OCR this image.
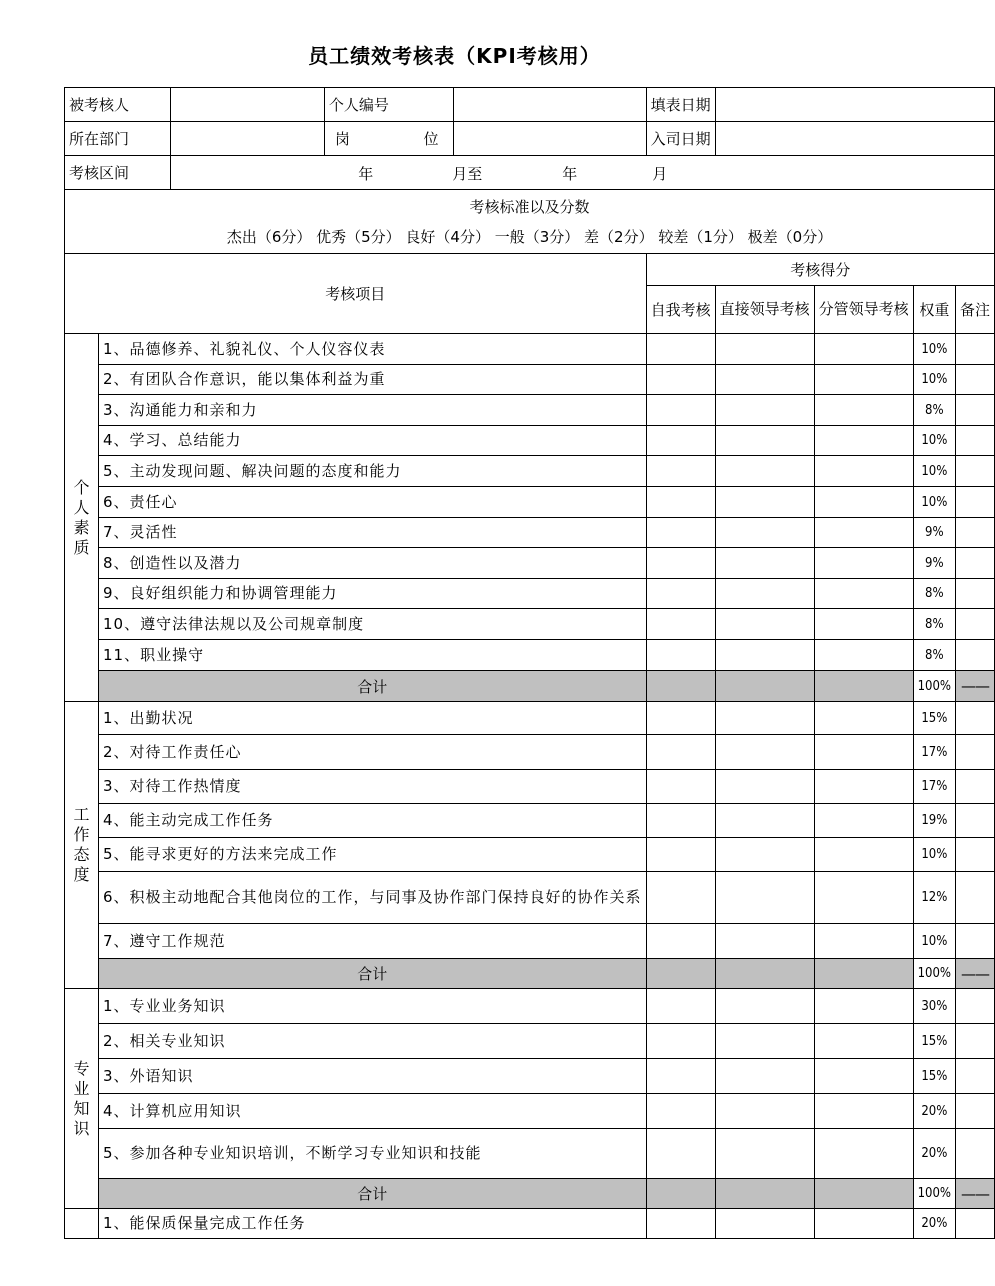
员工绩效考核表（KPI考核用）
被考核人			个人编号		填表日期				
所在部门			岗 位		入司日期				
考核区间		年 月至 年 月							

考核标准以及分数
杰出（6分） 优秀（5分） 良好（4分） 一般（3分） 差（2分） 较差（1分） 极差（0分）									

考核项目					考核得分				
					自我考核	直接领导考核	分管领导考核	权重	备注
个人素质	1、品德修养、礼貌礼仪、个人仪容仪表							10%	
	2、有团队合作意识，能以集体利益为重							10%	
	3、沟通能力和亲和力							8%	
	4、学习、总结能力							10%	
	5、主动发现问题、解决问题的态度和能力							10%	
	6、责任心							10%	
	7、灵活性							9%	
	8、创造性以及潜力							9%	
	9、良好组织能力和协调管理能力							8%	
	10、遵守法律法规以及公司规章制度							8%	
	11、职业操守							8%	
	合计							100%	——
工作态度	1、出勤状况							15%	
	2、对待工作责任心							17%	
	3、对待工作热情度							17%	
	4、能主动完成工作任务							19%	
	5、能寻求更好的方法来完成工作							10%	
	6、积极主动地配合其他岗位的工作，与同事及协作部门保持良好的协作关系							12%	
	7、遵守工作规范							10%	
	合计							100%	——
专业知识	1、专业业务知识							30%	
	2、相关专业知识							15%	
	3、外语知识							15%	
	4、计算机应用知识							20%	
	5、参加各种专业知识培训，不断学习专业知识和技能							20%	
	合计							100%	——
	1、能保质保量完成工作任务							20%	
